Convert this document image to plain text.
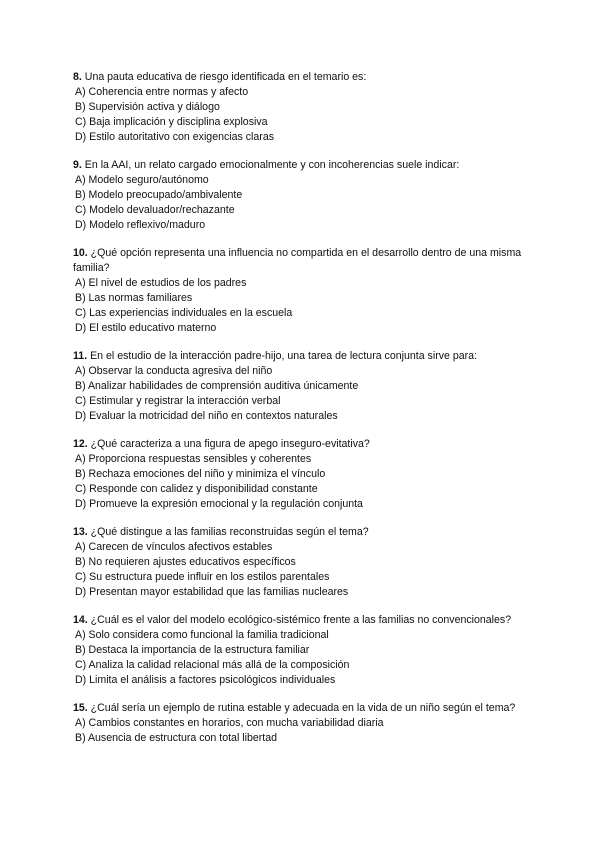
8. Una pauta educativa de riesgo identificada en el temario es:

A) Coherencia entre normas y afecto

B) Supervisión activa y diálogo

C) Baja implicación y disciplina explosiva

D) Estilo autoritativo con exigencias claras

9. En la AAI, un relato cargado emocionalmente y con incoherencias suele indicar:

A) Modelo seguro/autónomo

B) Modelo preocupado/ambivalente

C) Modelo devaluador/rechazante

D) Modelo reflexivo/maduro

10. ¿Qué opción representa una influencia no compartida en el desarrollo dentro de una misma familia?

A) El nivel de estudios de los padres

B) Las normas familiares

C) Las experiencias individuales en la escuela

D) El estilo educativo materno

11. En el estudio de la interacción padre-hijo, una tarea de lectura conjunta sirve para:

A) Observar la conducta agresiva del niño

B) Analizar habilidades de comprensión auditiva únicamente

C) Estimular y registrar la interacción verbal

D) Evaluar la motricidad del niño en contextos naturales

12. ¿Qué caracteriza a una figura de apego inseguro-evitativa?

A) Proporciona respuestas sensibles y coherentes

B) Rechaza emociones del niño y minimiza el vínculo

C) Responde con calidez y disponibilidad constante

D) Promueve la expresión emocional y la regulación conjunta

13. ¿Qué distingue a las familias reconstruidas según el tema?

A) Carecen de vínculos afectivos estables

B) No requieren ajustes educativos específicos

C) Su estructura puede influir en los estilos parentales

D) Presentan mayor estabilidad que las familias nucleares

14. ¿Cuál es el valor del modelo ecológico-sistémico frente a las familias no convencionales?

A) Solo considera como funcional la familia tradicional

B) Destaca la importancia de la estructura familiar

C) Analiza la calidad relacional más allá de la composición

D) Limita el análisis a factores psicológicos individuales

15. ¿Cuál sería un ejemplo de rutina estable y adecuada en la vida de un niño según el tema?

A) Cambios constantes en horarios, con mucha variabilidad diaria

B) Ausencia de estructura con total libertad
